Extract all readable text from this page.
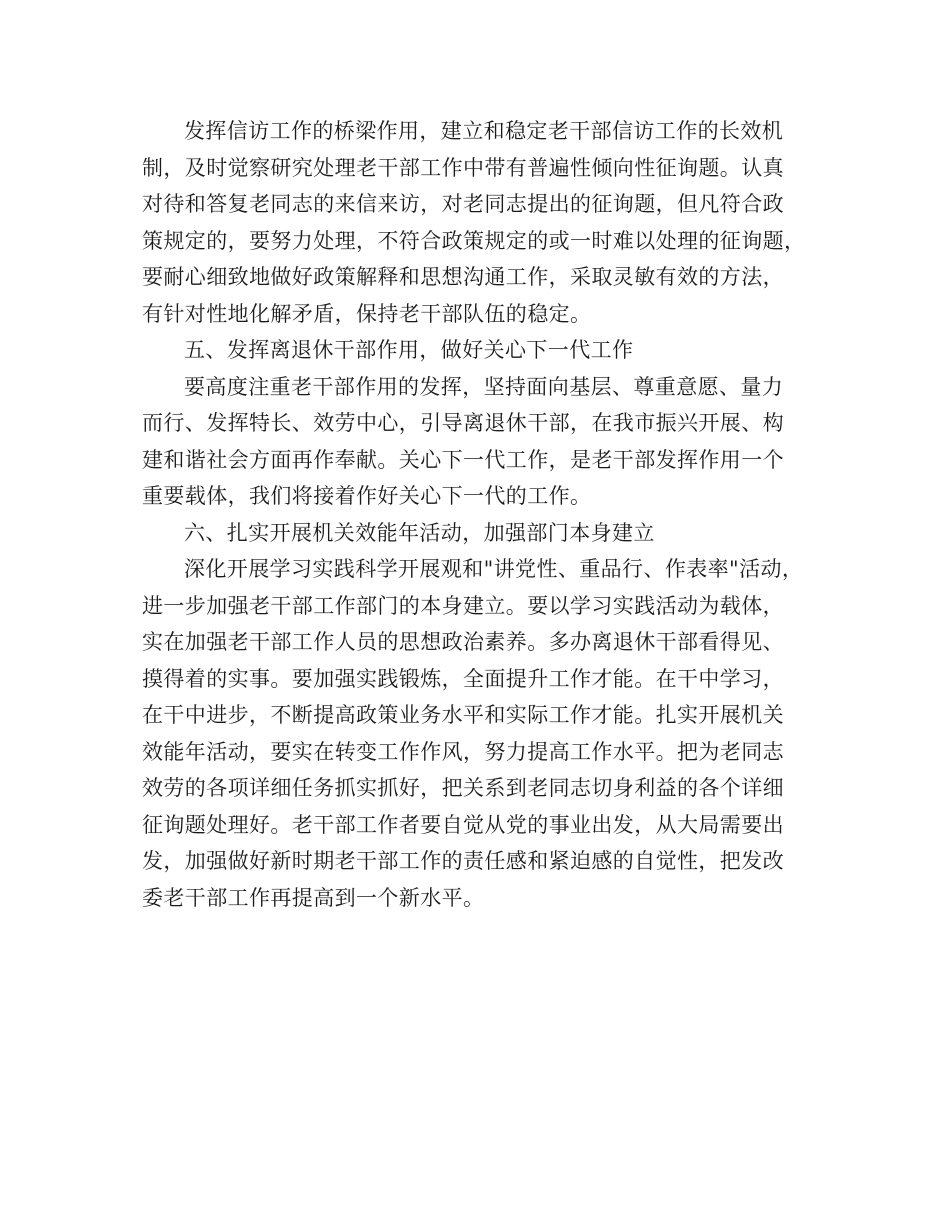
发挥信访工作的桥梁作用，建立和稳定老干部信访工作的长效机
制，及时觉察研究处理老干部工作中带有普遍性倾向性征询题。认真
对待和答复老同志的来信来访，对老同志提出的征询题，但凡符合政
策规定的，要努力处理，不符合政策规定的或一时难以处理的征询题，
要耐心细致地做好政策解释和思想沟通工作，采取灵敏有效的方法，
有针对性地化解矛盾，保持老干部队伍的稳定。
五、发挥离退休干部作用，做好关心下一代工作
要高度注重老干部作用的发挥，坚持面向基层、尊重意愿、量力
而行、发挥特长、效劳中心，引导离退休干部，在我市振兴开展、构
建和谐社会方面再作奉献。关心下一代工作，是老干部发挥作用一个
重要载体，我们将接着作好关心下一代的工作。
六、扎实开展机关效能年活动，加强部门本身建立
深化开展学习实践科学开展观和"讲党性、重品行、作表率"活动，
进一步加强老干部工作部门的本身建立。要以学习实践活动为载体，
实在加强老干部工作人员的思想政治素养。多办离退休干部看得见、
摸得着的实事。要加强实践锻炼，全面提升工作才能。在干中学习，
在干中进步，不断提高政策业务水平和实际工作才能。扎实开展机关
效能年活动，要实在转变工作作风，努力提高工作水平。把为老同志
效劳的各项详细任务抓实抓好，把关系到老同志切身利益的各个详细
征询题处理好。老干部工作者要自觉从党的事业出发，从大局需要出
发，加强做好新时期老干部工作的责任感和紧迫感的自觉性，把发改
委老干部工作再提高到一个新水平。
